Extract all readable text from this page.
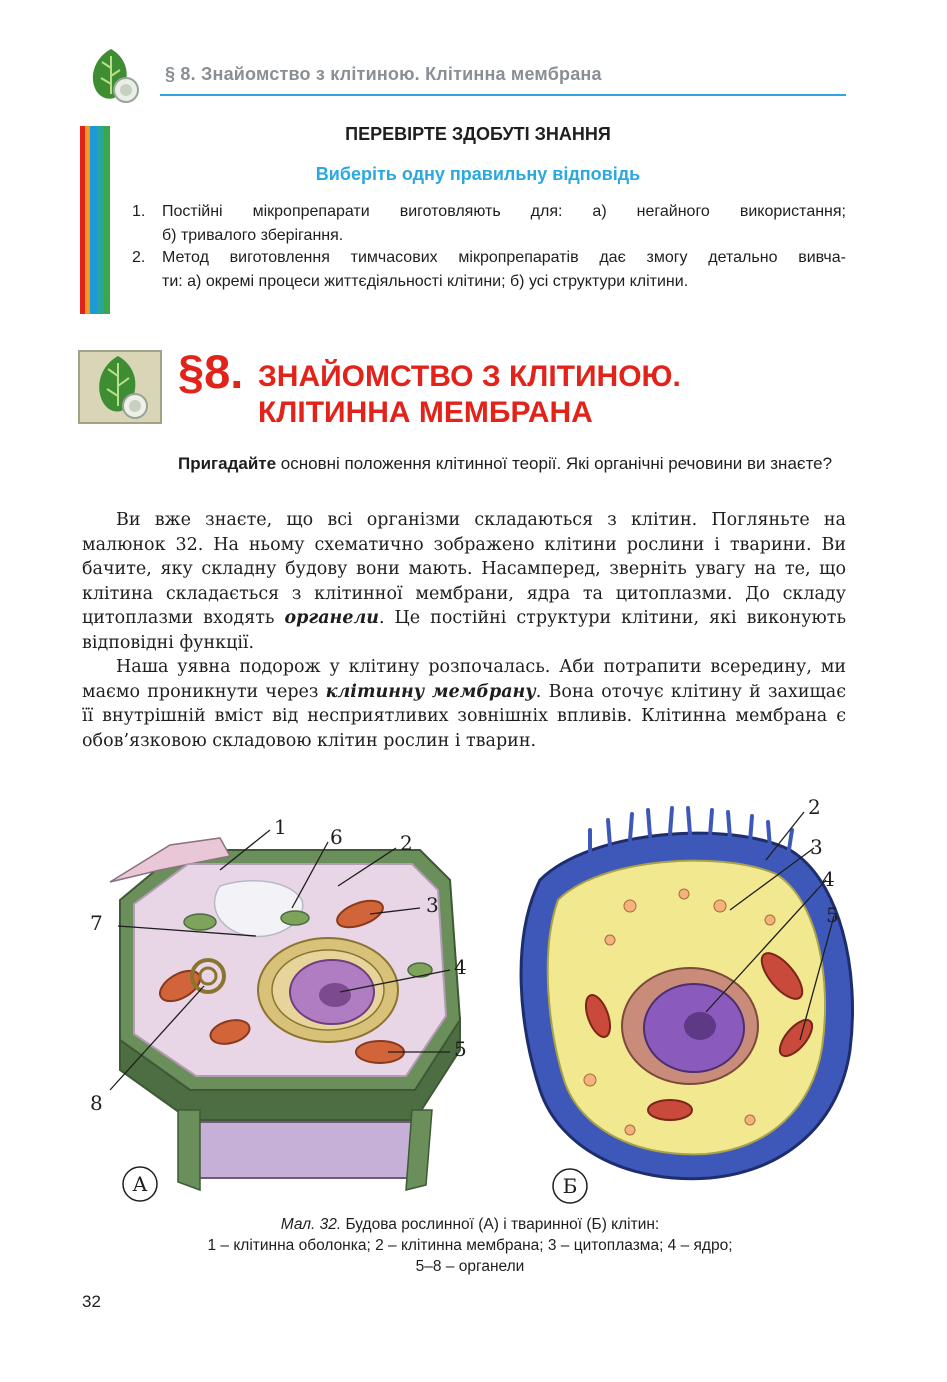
§ 8. Знайомство з клітиною. Клітинна мембрана
ПЕРЕВІРТЕ ЗДОБУТІ ЗНАННЯ
Виберіть одну правильну відповідь
1. Постійні мікропрепарати виготовляють для: а) негайного використання;
б) тривалого зберігання.
2. Метод виготовлення тимчасових мікропрепаратів дає змогу детально вивча-
ти: а) окремі процеси життєдіяльності клітини; б) усі структури клітини.
§8. ЗНАЙОМСТВО З КЛІТИНОЮ.
КЛІТИННА МЕМБРАНА
Пригадайте основні положення клітинної теорії. Які органічні речовини ви знаєте?

Ви вже знаєте, що всі організми складаються з клітин. Погляньте на малюнок 32. На ньому схематично зображено клітини рослини і тварини. Ви бачите, яку складну будову вони мають. Насамперед, зверніть увагу на те, що клітина складається з клітинної мембрани, ядра та цитоплазми. До складу цитоплазми входять органели. Це постійні структури клітини, які виконують відповідні функції.

Наша уявна подорож у клітину розпочалась. Аби потрапити всередину, ми маємо проникнути через клітинну мембрану. Вона оточує клітину й захищає її внутрішній вміст від несприятливих зовнішніх впливів. Клітинна мембрана є обов’язковою складовою клітин рослин і тварин.

1 6	2
3
7
4
5
8
2
3
4
5
А	Б
Мал. 32. Будова рослинної (А) і тваринної (Б) клітин:
1 – клітинна оболонка; 2 – клітинна мембрана; 3 – цитоплазма; 4 – ядро;
5–8 – органели
32
